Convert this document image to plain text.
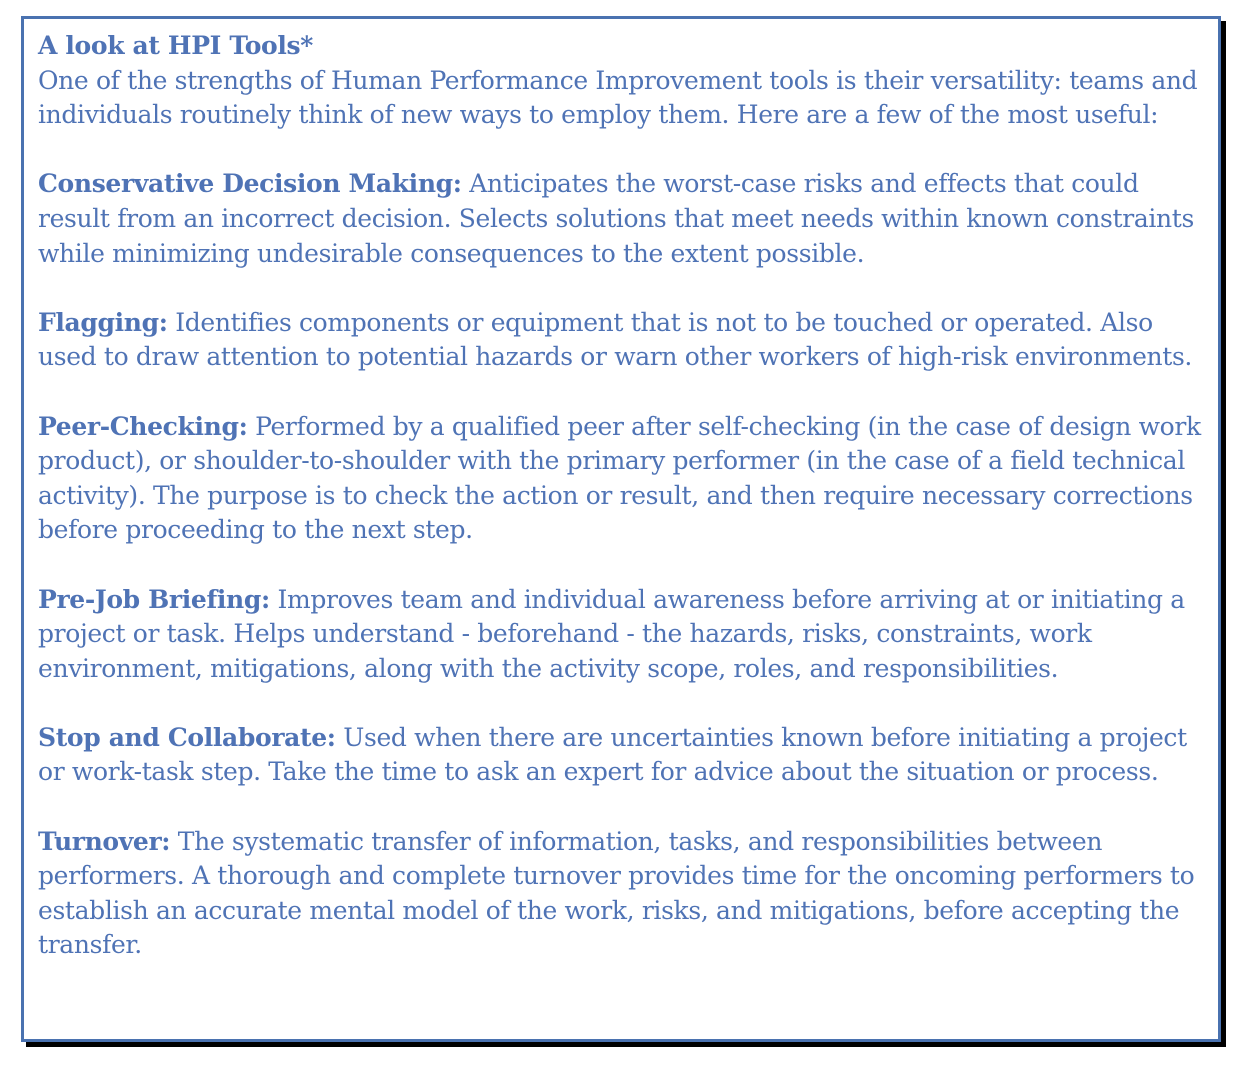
A look at HPI Tools*

One of the strengths of Human Performance Improvement tools is their versatility: teams and individuals routinely think of new ways to employ them. Here are a few of the most useful:

Conservative Decision Making: Anticipates the worst-case risks and effects that could result from an incorrect decision. Selects solutions that meet needs within known constraints while minimizing undesirable consequences to the extent possible.

Flagging: Identifies components or equipment that is not to be touched or operated. Also used to draw attention to potential hazards or warn other workers of high-risk environments.

Peer-Checking: Performed by a qualified peer after self-checking (in the case of design work product), or shoulder-to-shoulder with the primary performer (in the case of a field technical activity). The purpose is to check the action or result, and then require necessary corrections before proceeding to the next step.

Pre-Job Briefing: Improves team and individual awareness before arriving at or initiating a project or task. Helps understand - beforehand - the hazards, risks, constraints, work environment, mitigations, along with the activity scope, roles, and responsibilities.

Stop and Collaborate: Used when there are uncertainties known before initiating a project or work-task step. Take the time to ask an expert for advice about the situation or process.

Turnover: The systematic transfer of information, tasks, and responsibilities between performers. A thorough and complete turnover provides time for the oncoming performers to establish an accurate mental model of the work, risks, and mitigations, before accepting the transfer.
